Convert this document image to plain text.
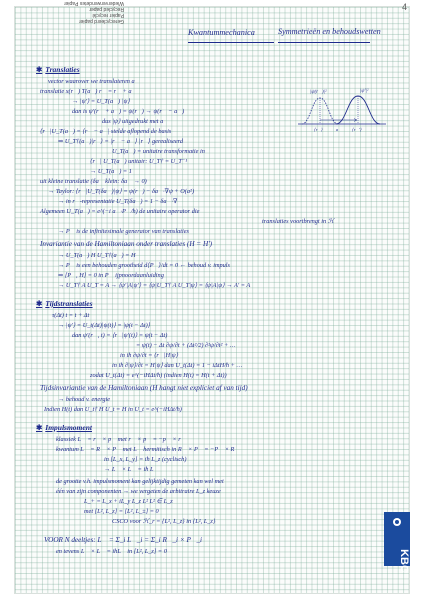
Gerecycleerd papier
Papier recyclé
Recycled paper
Wiederverwendetes Papier	4
Kwantummechanica	Symmetrieën en behoudswetten
✱ Translaties
vector waarover we translateren a⃗
translatie x(r⃗) T(a⃗) r⃗ = r⃗ + a⃗
→ |ψ'⟩ = U_T(a⃗) |ψ⟩
dan is ψ'(r⃗ + a⃗) = ψ(r⃗) → ψ(r⃗ − a⃗)
dus |ψ⟩ uitgedrukt met a⃗
⟨r⃗|U_T(a⃗) = ⟨r⃗ − a⃗| stelde aflopend de basis
⇒ U_T†(a⃗)|r⃗⟩ = |r⃗ − a⃗⟩ |r⃗⟩ gerealiseerd
U_T(a⃗) = unitaire transformatie in ℋ
⟨r⃗| U_T(a⃗) unitair: U_T† = U_T⁻¹
→ U_T(a⃗) = 1
uit kleine translatie (δa⃗ klein: δa⃗ → 0)
→ Taylor: ⟨r⃗|U_T(δa⃗)|ψ⟩ = ψ(r⃗) − δa⃗·∇ψ + O(a²)
→ in r⃗-representatie U_T(δa⃗) = 1 − δa⃗·∇
Algemeen U_T(a⃗) = e^(−i a⃗·P⃗/ħ) de unitaire operator die
translaties voortbrengt in ℋ
→ P⃗ is de infinitesimale generator van translaties
Invariantie van de Hamiltoniaan onder translaties (H = H')
→ U_T(a⃗) H U_T†(a⃗) = H
→ P⃗ is een behouden grootheid d⟨P⃗⟩/dt = 0 ← behoud v. impuls
⇒ [P⃗, H] = 0 in P⃗ ijpnoordaanluiding
→ U_T† A U_T = A → ⟨ψ'|A|ψ'⟩ = ⟨ψ|U_T† A U_T|ψ⟩ = ⟨ψ|A|ψ⟩ → A' = A
|ψ(r⃗)|²	|ψ'|²
⟨r⃗⟩	a⃗ ⟨r⃗'⟩
✱ Tijdstranslaties
τ(Δt) t = t + Δt
→ |ψ'⟩ = U_t(Δt)|ψ(t)⟩ = |ψ(t − Δt)⟩
dan ψ'(r⃗, t) = ⟨r⃗|ψ'(t)⟩ = ψ(t − Δt)
= ψ(t) − Δt ∂ψ/∂t + (Δt²/2) ∂²ψ/∂t² + …
in iħ ∂ψ/∂t = ⟨r⃗|H|ψ⟩
in iħ ∂|ψ⟩/∂t = H|ψ⟩ dan U_t(Δt) = 1 − iΔtH/ħ + …
zodat U_t(Δt) = e^(−iHΔt/ħ) (indien H(t) = H(t + Δt))
Tijdsinvariantie van de Hamiltoniaan (H hangt niet expliciet af van tijd)
→ behoud v. energie
Indien H(t) dan U_t† H U_t = H in U_t = e^(−iHΔt/ħ)
✱ Impulsmoment
klassiek L⃗ = r⃗ × p⃗ met r⃗ × p⃗ = −p⃗ × r⃗
kwantum L⃗ = R⃗ × P⃗ met L⃗ hermitisch in R⃗ × P⃗ = −P⃗ × R⃗
in [L_x, L_y] = iħ L_z (cyclisch)
→ L⃗ × L⃗ = iħ L⃗
de grootte v.h. impulsmoment kan gelijktijdig gemeten kan wel met
één van zijn componenten → we vergeten de arbitraire L_z keuze
L_+ = L_x + iL_y L_z L² L² ∈ L_z
met [L², L_z] = [L², L_±] = 0
CSCO voor ℋ_r = {L², L_z} in {L², L_z}
VOOR N deeltjes: L⃗ = Σ_i L⃗_i = Σ_i R⃗_i × P⃗_i
en tevens L⃗ × L⃗ = iħL⃗ in [L², L_z] = 0	KBC
